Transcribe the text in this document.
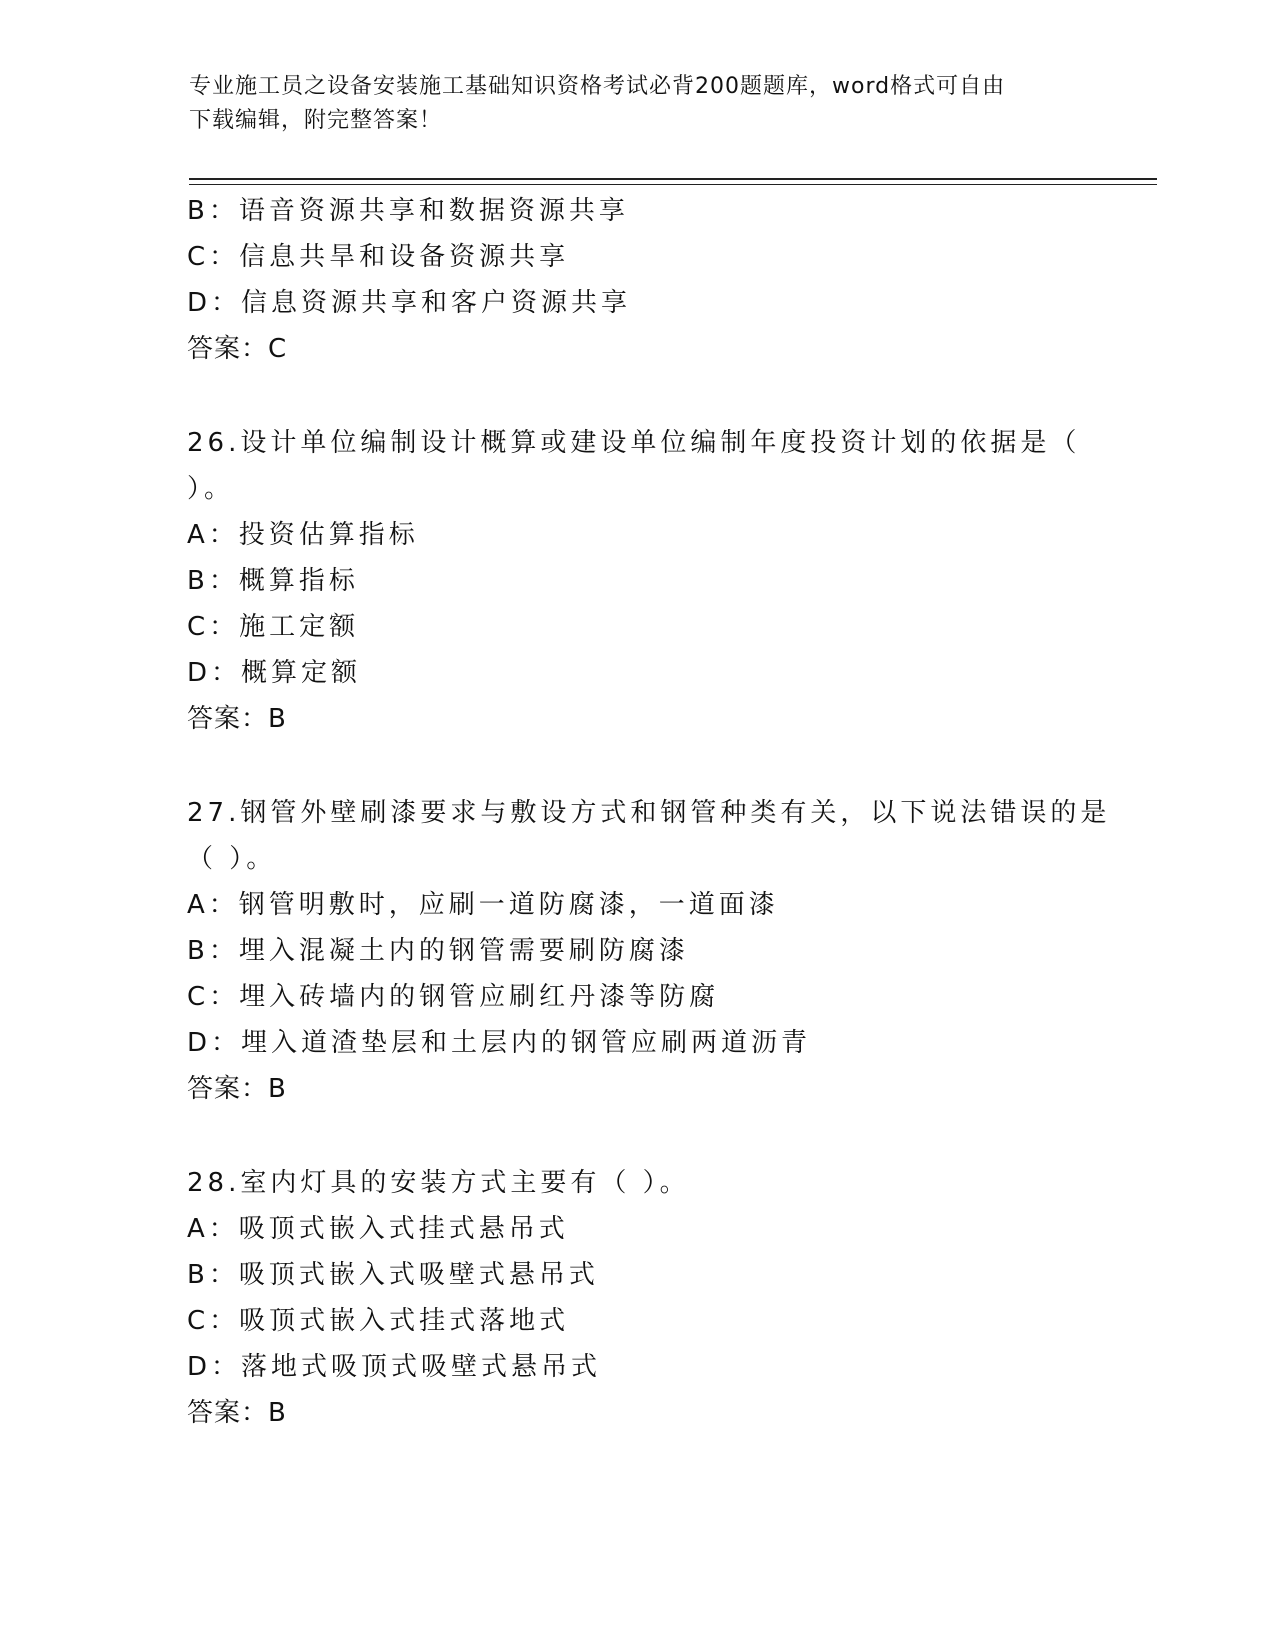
专业施工员之设备安装施工基础知识资格考试必背200题题库，word格式可自由
下载编辑，附完整答案！
B：语音资源共享和数据资源共享
C：信息共旱和设备资源共享
D：信息资源共享和客户资源共享
答案：C
26.设计单位编制设计概算或建设单位编制年度投资计划的依据是（
）。
A：投资估算指标
B：概算指标
C：施工定额
D：概算定额
答案：B
27.钢管外壁刷漆要求与敷设方式和钢管种类有关，以下说法错误的是
（ ）。
A：钢管明敷时，应刷一道防腐漆，一道面漆
B：埋入混凝土内的钢管需要刷防腐漆
C：埋入砖墙内的钢管应刷红丹漆等防腐
D：埋入道渣垫层和土层内的钢管应刷两道沥青
答案：B
28.室内灯具的安装方式主要有（ ）。
A：吸顶式嵌入式挂式悬吊式
B：吸顶式嵌入式吸壁式悬吊式
C：吸顶式嵌入式挂式落地式
D：落地式吸顶式吸壁式悬吊式
答案：B
